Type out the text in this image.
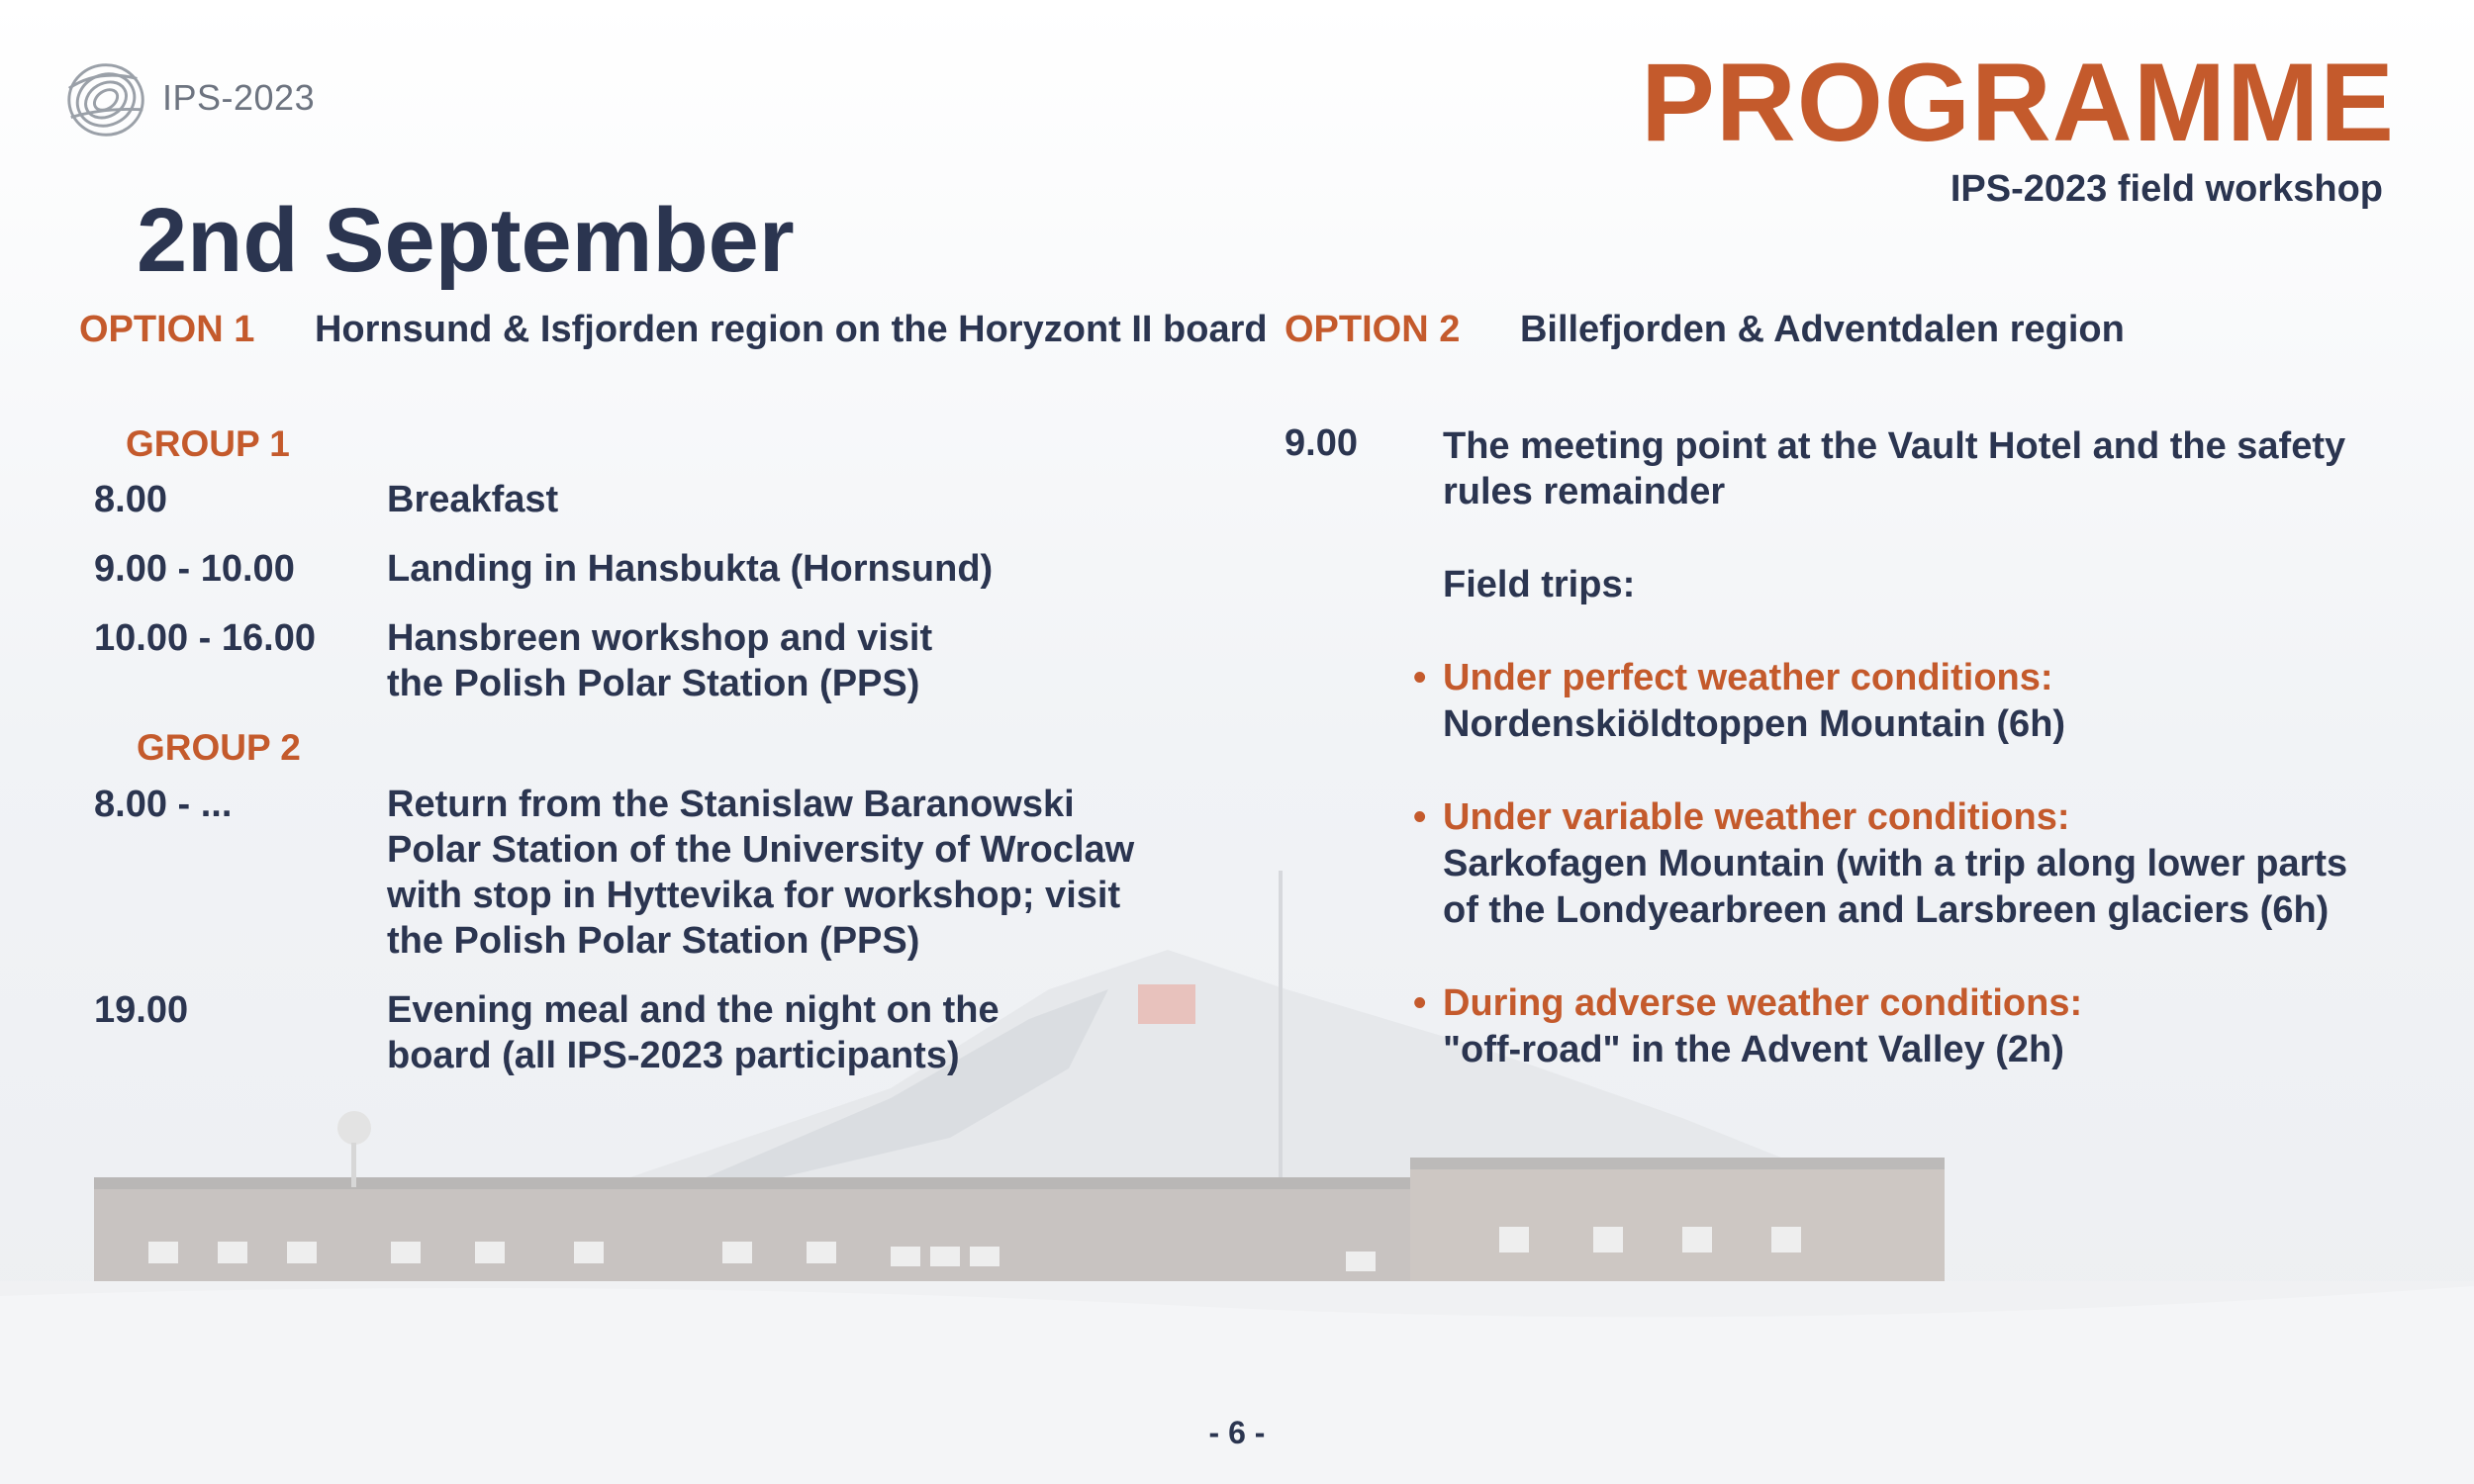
IPS-2023	PROGRAMME
IPS-2023 field workshop
2nd September
OPTION 1 Hornsund & Isfjorden region on the Horyzont II board OPTION 2 Billefjorden & Adventdalen region
GROUP 1
8.00	Breakfast
9.00 - 10.00	Landing in Hansbukta (Hornsund)
10.00 - 16.00	Hansbreen workshop and visit
the Polish Polar Station (PPS)
GROUP 2
8.00 - ...	Return from the Stanislaw Baranowski
Polar Station of the University of Wroclaw
with stop in Hyttevika for workshop; visit
the Polish Polar Station (PPS)
19.00	Evening meal and the night on the
board (all IPS-2023 participants)
9.00 The meeting point at the Vault Hotel and the safety
rules remainder
Field trips:
• Under perfect weather conditions:
Nordenskiöldtoppen Mountain (6h)
• Under variable weather conditions:
Sarkofagen Mountain (with a trip along lower parts
of the Londyearbreen and Larsbreen glaciers (6h)
• During adverse weather conditions:
"off-road" in the Advent Valley (2h)
- 6 -
